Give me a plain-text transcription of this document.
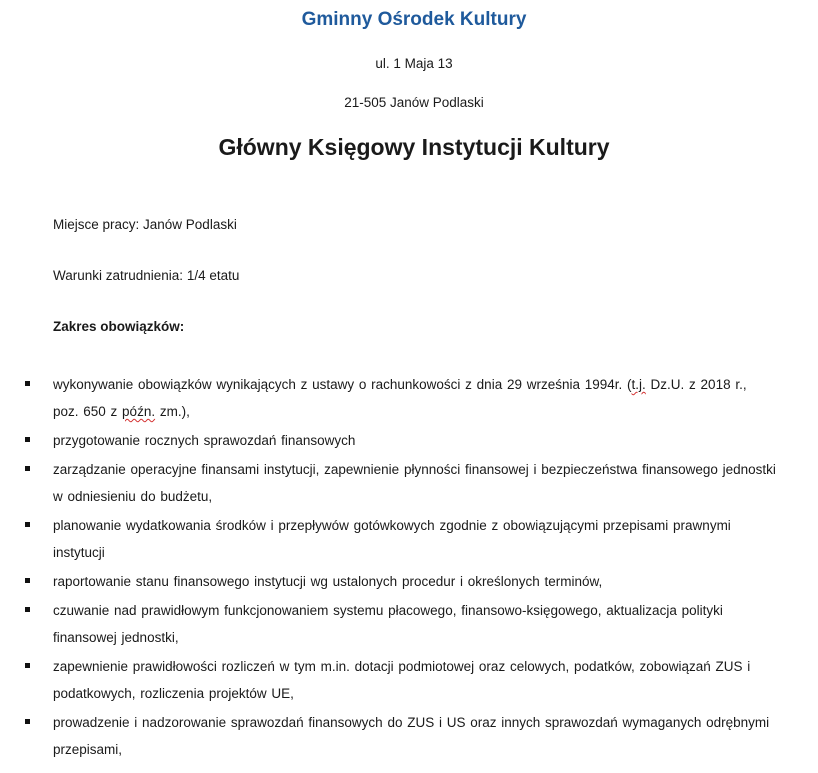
Gminny Ośrodek Kultury
ul. 1 Maja 13
21-505 Janów Podlaski
Główny Księgowy Instytucji Kultury
Miejsce pracy: Janów Podlaski
Warunki zatrudnienia: 1/4 etatu
Zakres obowiązków:
wykonywanie obowiązków wynikających z ustawy o rachunkowości z dnia 29 września 1994r. (t.j. Dz.U. z 2018 r., poz. 650 z późn. zm.),
przygotowanie rocznych sprawozdań finansowych
zarządzanie operacyjne finansami instytucji, zapewnienie płynności finansowej i bezpieczeństwa finansowego jednostki w odniesieniu do budżetu,
planowanie wydatkowania środków i przepływów gotówkowych zgodnie z obowiązującymi przepisami prawnymi instytucji
raportowanie stanu finansowego instytucji wg ustalonych procedur i określonych terminów,
czuwanie nad prawidłowym funkcjonowaniem systemu płacowego, finansowo-księgowego, aktualizacja polityki finansowej jednostki,
zapewnienie prawidłowości rozliczeń w tym m.in. dotacji podmiotowej oraz celowych, podatków, zobowiązań ZUS i podatkowych, rozliczenia projektów UE,
prowadzenie i nadzorowanie sprawozdań finansowych do ZUS i US oraz innych sprawozdań wymaganych odrębnymi przepisami,
